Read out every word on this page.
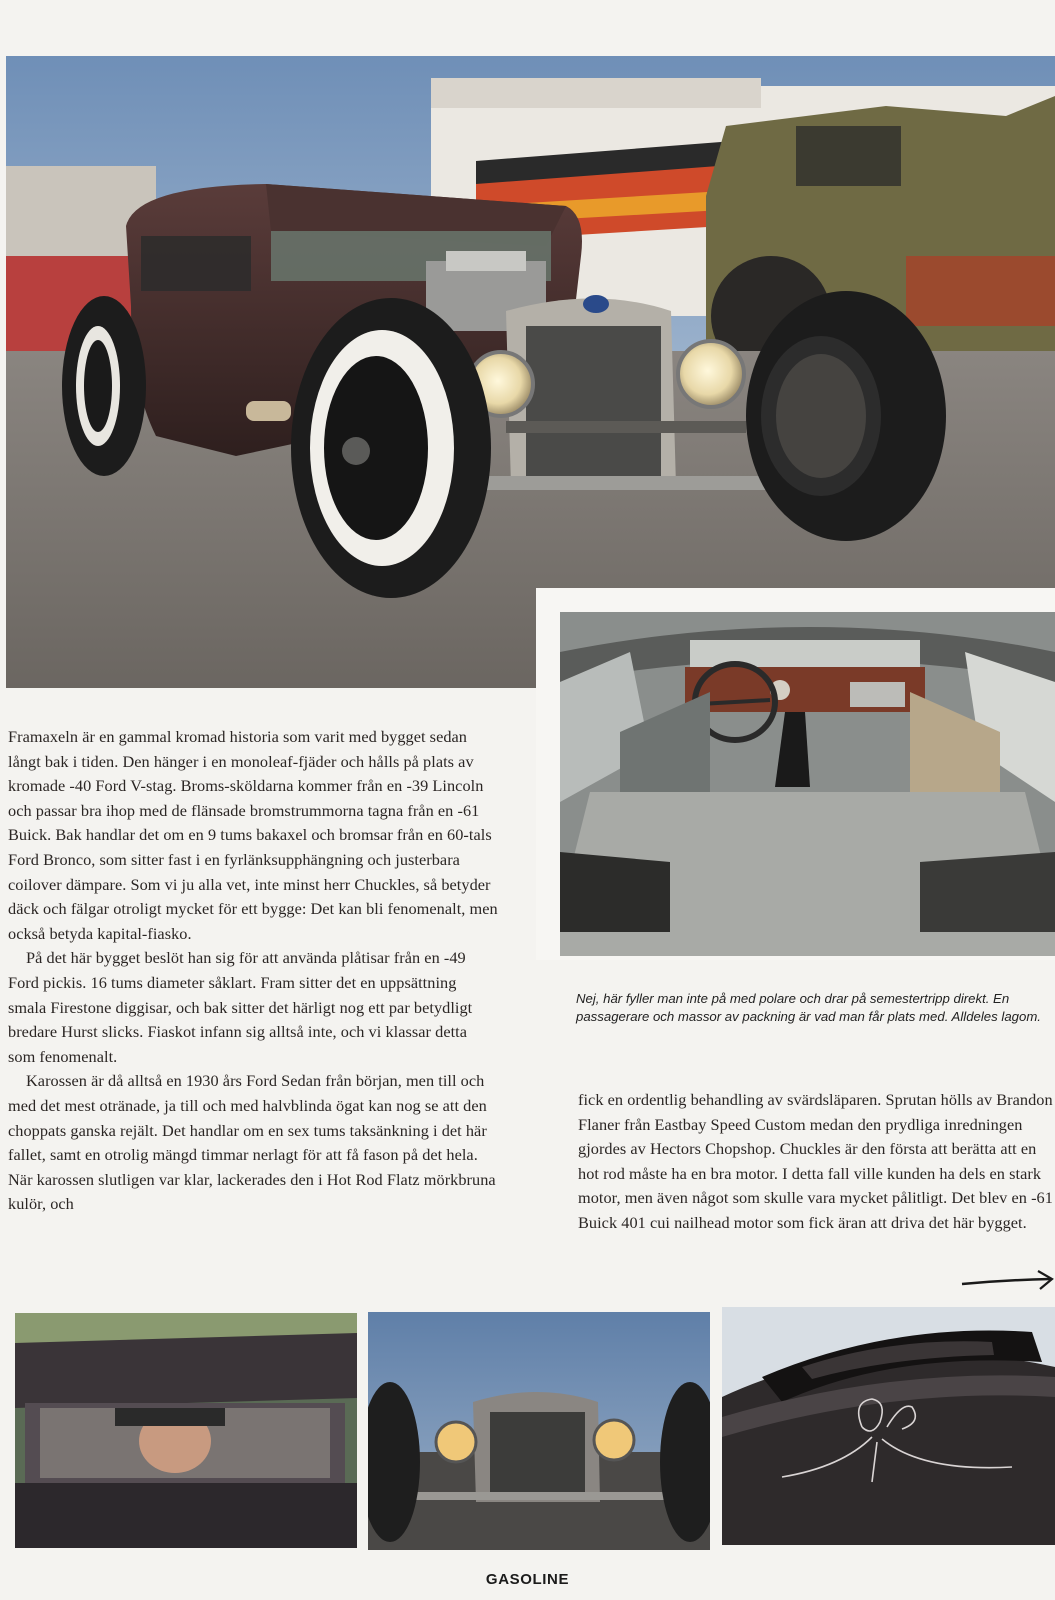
Framaxeln är en gammal kromad historia som varit med bygget sedan långt bak i tiden. Den hänger i en monoleaf-fjäder och hålls på plats av kromade -40 Ford V-stag. Broms-sköldarna kommer från en -39 Lincoln och passar bra ihop med de flänsade bromstrummorna tagna från en -61 Buick. Bak handlar det om en 9 tums bakaxel och bromsar från en 60-tals Ford Bronco, som sitter fast i en fyrlänksupphängning och justerbara coilover dämpare. Som vi ju alla vet, inte minst herr Chuckles, så betyder däck och fälgar otroligt mycket för ett bygge: Det kan bli fenomenalt, men också betyda kapital-fiasko.

På det här bygget beslöt han sig för att använda plåtisar från en -49 Ford pickis. 16 tums diameter såklart. Fram sitter det en uppsättning smala Firestone diggisar, och bak sitter det härligt nog ett par betydligt bredare Hurst slicks. Fiaskot infann sig alltså inte, och vi klassar detta som fenomenalt.

Karossen är då alltså en 1930 års Ford Sedan från början, men till och med det mest otränade, ja till och med halvblinda ögat kan nog se att den choppats ganska rejält. Det handlar om en sex tums taksänkning i det här fallet, samt en otrolig mängd timmar nerlagt för att få fason på det hela. När karossen slutligen var klar, lackerades den i Hot Rod Flatz mörkbruna kulör, och

Nej, här fyller man inte på med polare och drar på semestertripp direkt. En passagerare och massor av packning är vad man får plats med. Alldeles lagom.

fick en ordentlig behandling av svärdsläparen. Sprutan hölls av Brandon Flaner från Eastbay Speed Custom medan den prydliga inredningen gjordes av Hectors Chopshop. Chuckles är den första att berätta att en hot rod måste ha en bra motor. I detta fall ville kunden ha dels en stark motor, men även något som skulle vara mycket pålitligt. Det blev en -61 Buick 401 cui nailhead motor som fick äran att driva det här bygget.

GASOLINE
